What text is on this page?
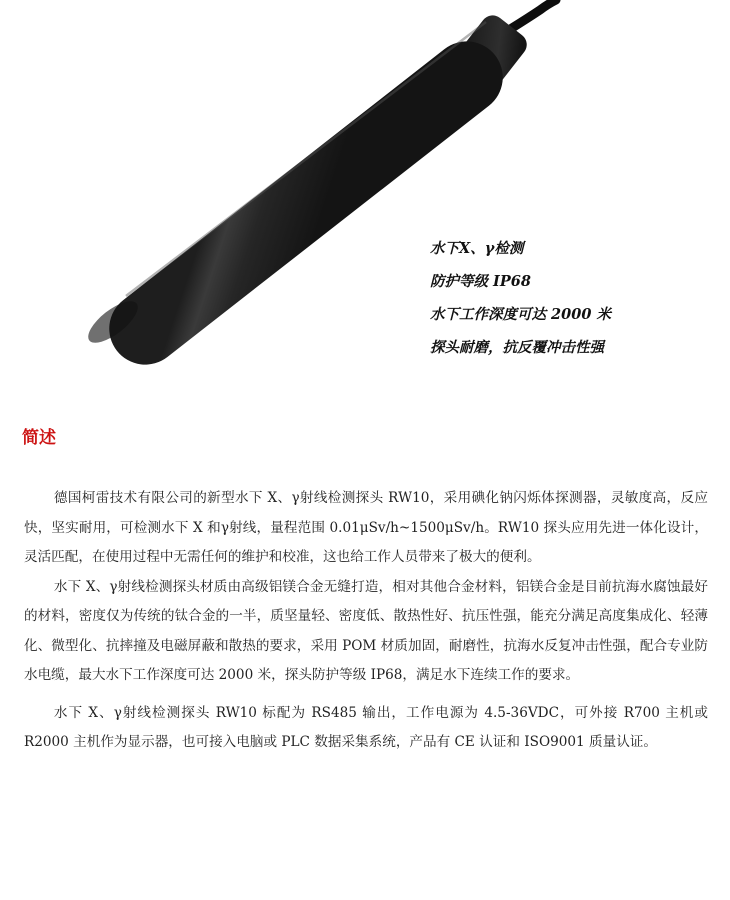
水下X、γ检测
防护等级 IP68
水下工作深度可达 2000 米
探头耐磨，抗反覆冲击性强
简述

德国柯雷技术有限公司的新型水下 X、γ射线检测探头 RW10，采用碘化钠闪烁体探测器，灵敏度高，反应快，坚实耐用，可检测水下 X 和γ射线，量程范围 0.01μSv/h~1500μSv/h。RW10 探头应用先进一体化设计，灵活匹配，在使用过程中无需任何的维护和校准，这也给工作人员带来了极大的便利。

水下 X、γ射线检测探头材质由高级铝镁合金无缝打造，相对其他合金材料，铝镁合金是目前抗海水腐蚀最好的材料，密度仅为传统的钛合金的一半，质坚量轻、密度低、散热性好、抗压性强，能充分满足高度集成化、轻薄化、微型化、抗摔撞及电磁屏蔽和散热的要求，采用 POM 材质加固，耐磨性，抗海水反复冲击性强，配合专业防水电缆，最大水下工作深度可达 2000 米，探头防护等级 IP68，满足水下连续工作的要求。

水下 X、γ射线检测探头 RW10 标配为 RS485 输出，工作电源为 4.5-36VDC，可外接 R700 主机或 R2000 主机作为显示器，也可接入电脑或 PLC 数据采集系统，产品有 CE 认证和 ISO9001 质量认证。
